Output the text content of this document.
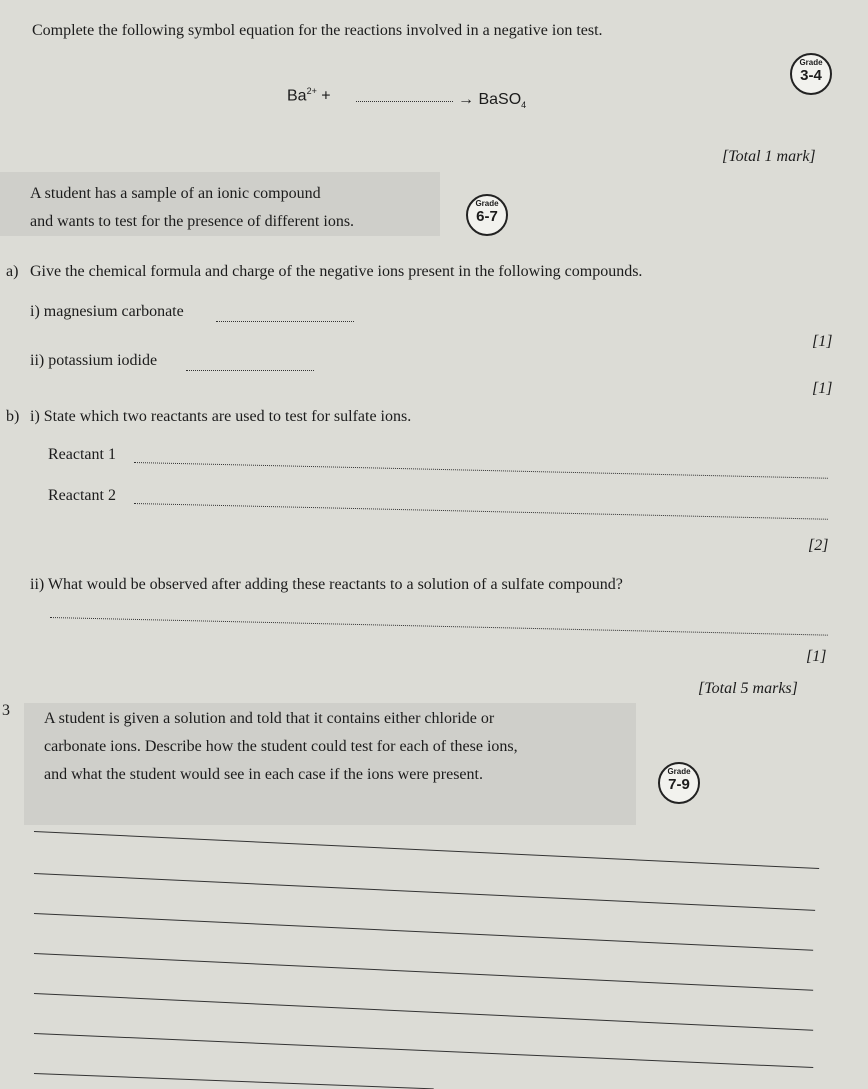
Complete the following symbol equation for the reactions involved in a negative ion test.
Grade
3-4
$Ba^{2+}$ +	→ BaSO$_4$
[Total 1 mark]
A student has a sample of an ionic compound
and wants to test for the presence of different ions.
Grade
6-7
a) Give the chemical formula and charge of the negative ions present in the following compounds.
i) magnesium carbonate
[1]
ii) potassium iodide
[1]
b) i) State which two reactants are used to test for sulfate ions.
Reactant 1
Reactant 2
[2]
ii) What would be observed after adding these reactants to a solution of a sulfate compound?
[1]
[Total 5 marks]
3 A student is given a solution and told that it contains either chloride or
carbonate ions. Describe how the student could test for each of these ions,
and what the student would see in each case if the ions were present.	Grade
7-9
